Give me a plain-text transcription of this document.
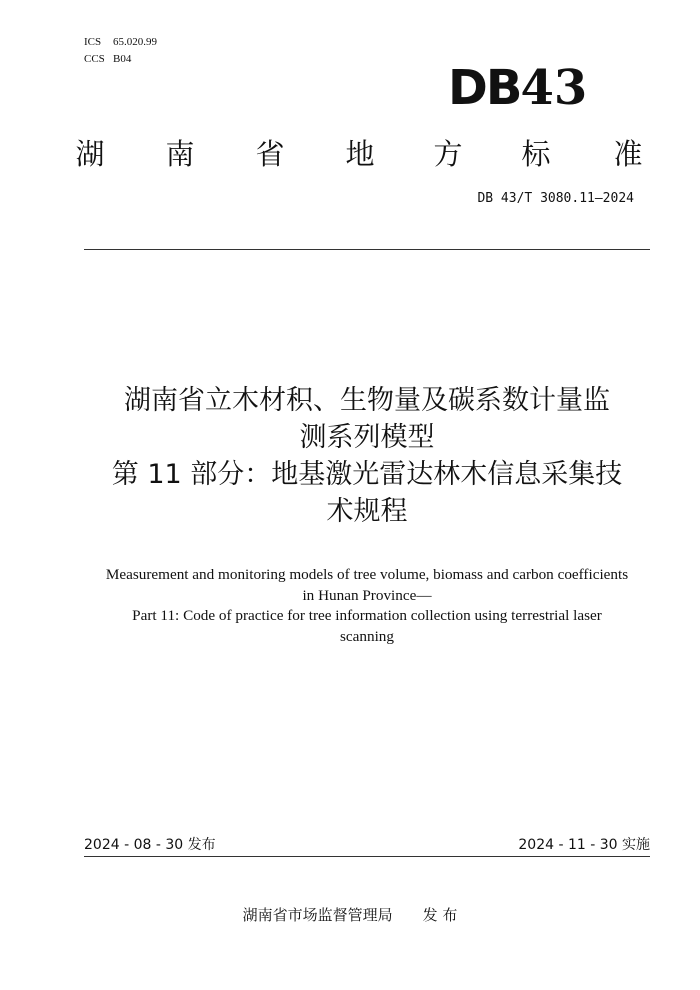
ICS 65.020.99
CCS B04
DB43
湖 南 省 地 方 标 准
DB 43/T 3080.11—2024
湖南省立木材积、生物量及碳系数计量监
测系列模型
第 11 部分：地基激光雷达林木信息采集技
术规程
Measurement and monitoring models of tree volume, biomass and carbon coefficients
in Hunan Province—
Part 11: Code of practice for tree information collection using terrestrial laser
scanning
2024 - 08 - 30 发布	2024 - 11 - 30 实施
湖南省市场监督管理局 发 布
